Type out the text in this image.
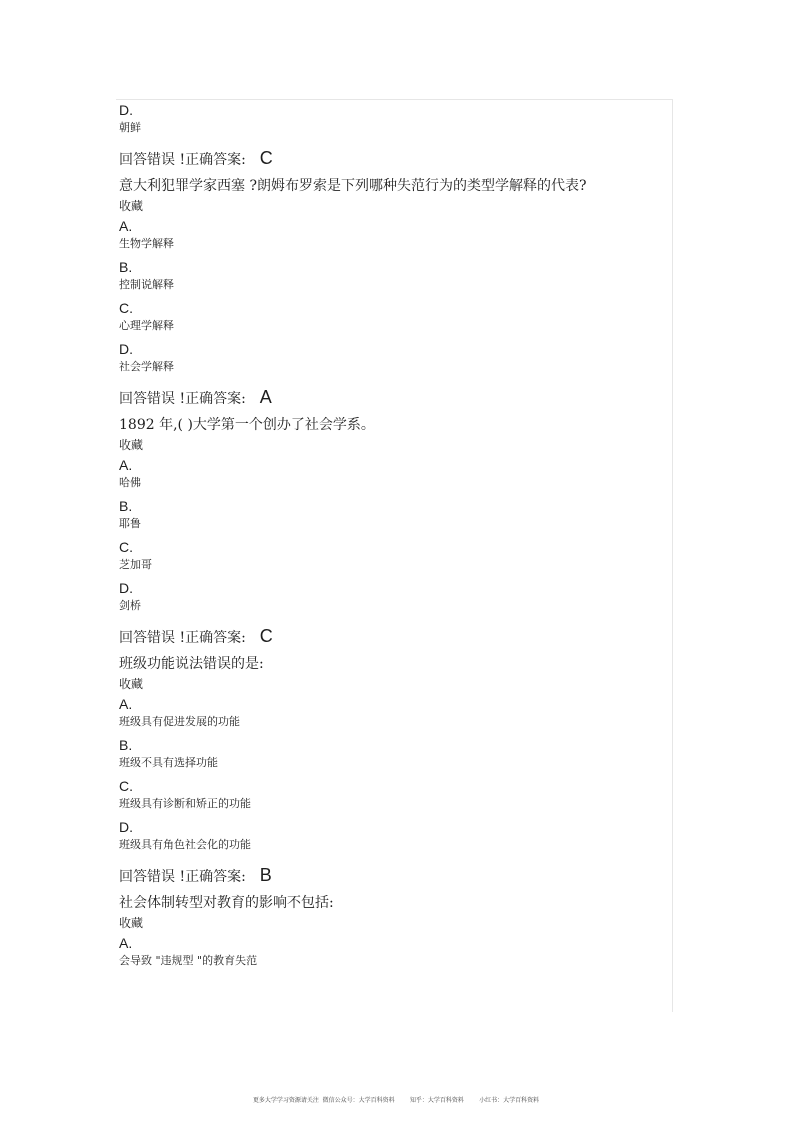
D.
朝鲜
回答错误 !正确答案: C
意大利犯罪学家西塞 ?朗姆布罗索是下列哪种失范行为的类型学解释的代表?
收藏
A.
生物学解释
B.
控制说解释
C.
心理学解释
D.
社会学解释
回答错误 !正确答案: A
1892 年,( )大学第一个创办了社会学系。
收藏
A.
哈佛
B.
耶鲁
C.
芝加哥
D.
剑桥
回答错误 !正确答案: C
班级功能说法错误的是:
收藏
A.
班级具有促进发展的功能
B.
班级不具有选择功能
C.
班级具有诊断和矫正的功能
D.
班级具有角色社会化的功能
回答错误 !正确答案: B
社会体制转型对教育的影响不包括:
收藏
A.
会导致 "违规型 "的教育失范
更多大学学习资源请关注  微信公众号：大学百科资料        知乎：大学百科资料        小红书：大学百科资料
